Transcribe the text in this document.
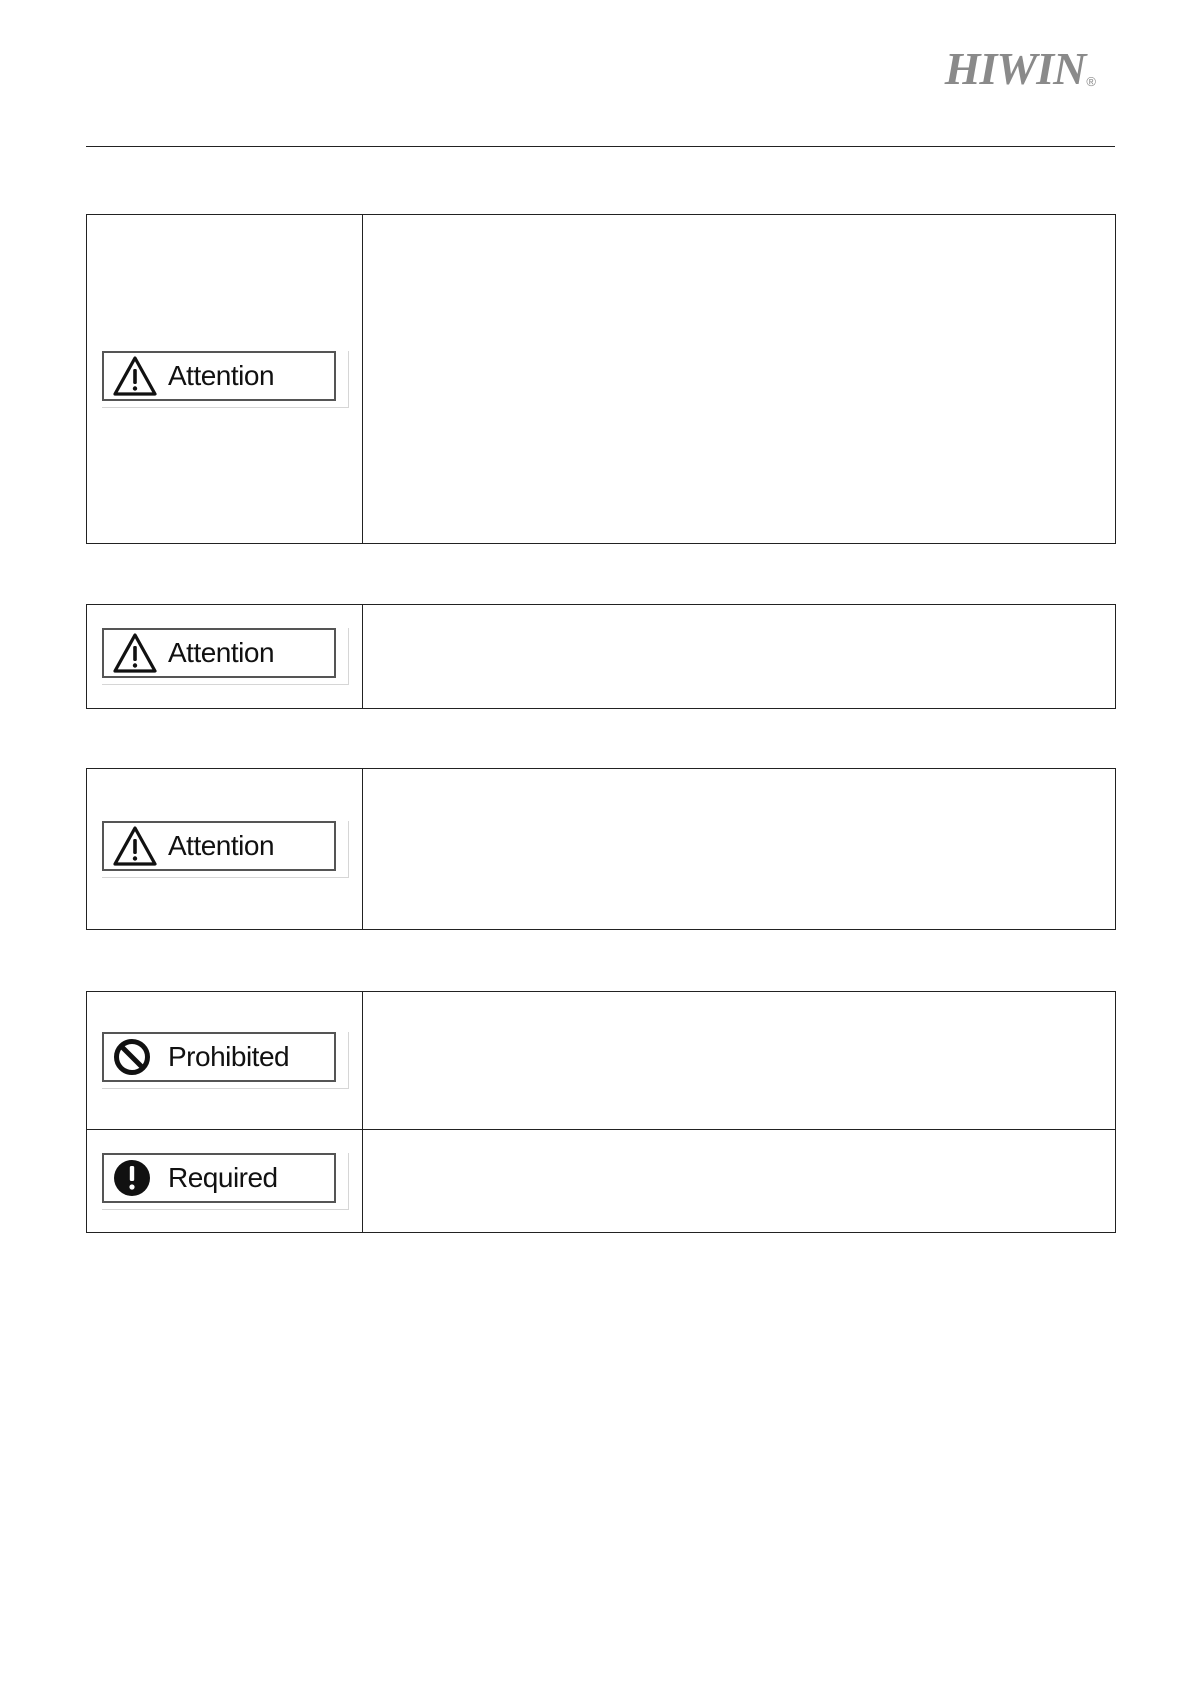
HIWIN ®
Attention

Attention

Attention

Prohibited	

Required	
